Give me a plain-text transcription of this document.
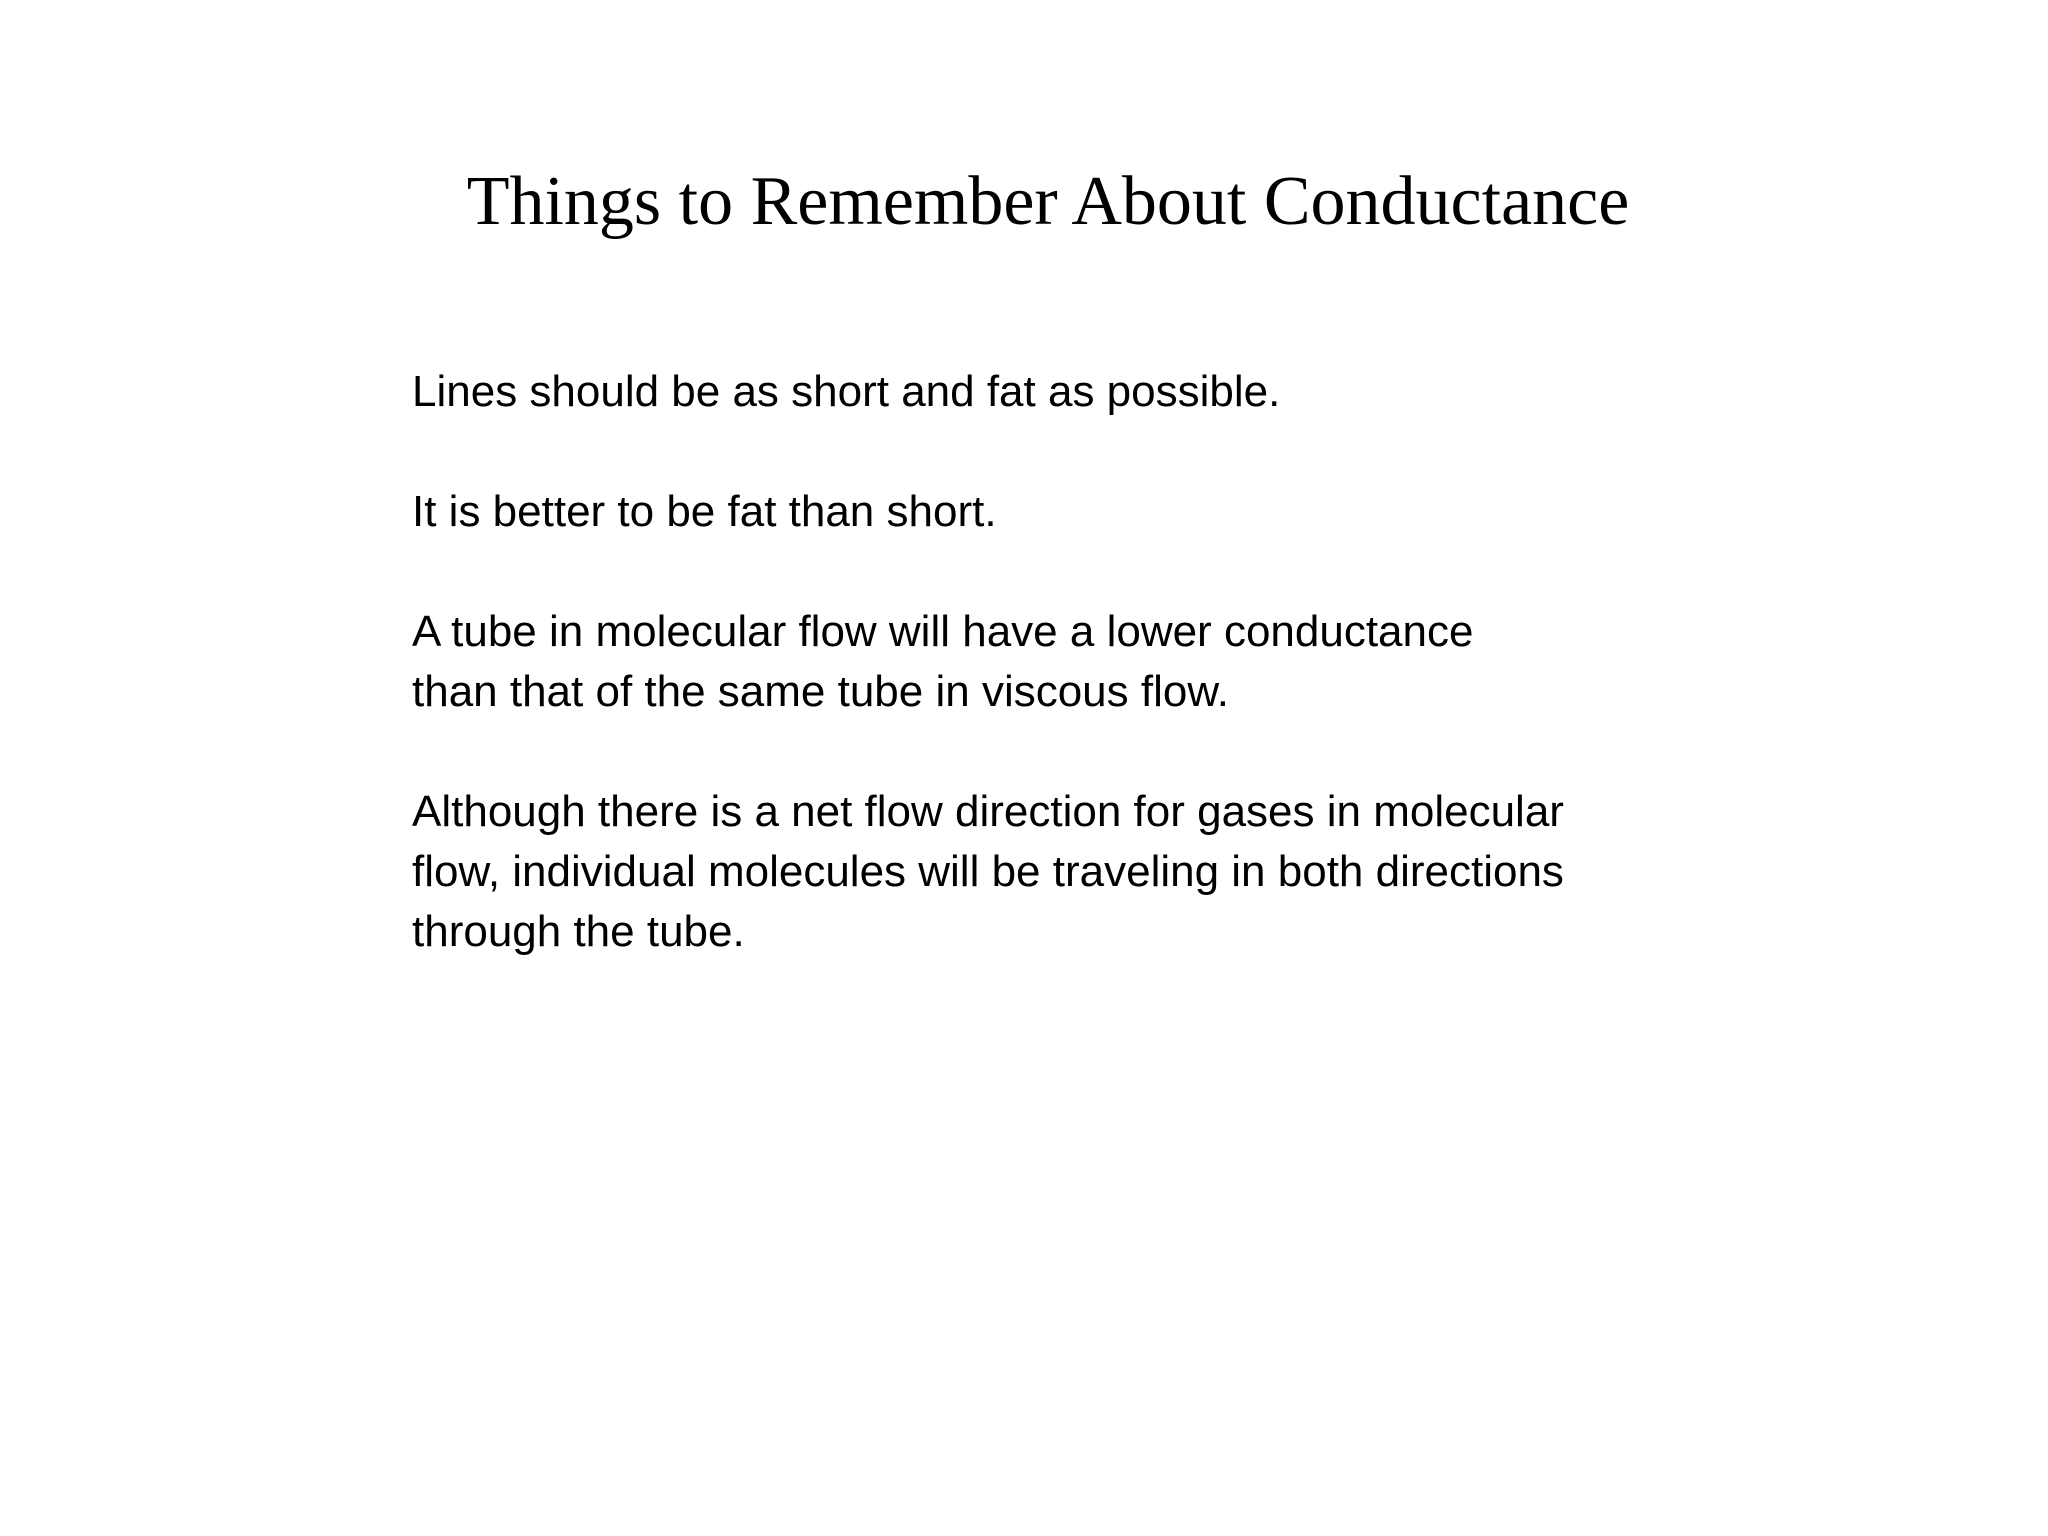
Things to Remember About Conductance
Lines should be as short and fat as possible.
It is better to be fat than short.
A tube in molecular flow will have a lower conductance
than that of the same tube in viscous flow.
Although there is a net flow direction for gases in molecular
flow, individual molecules will be traveling in both directions
through the tube.
